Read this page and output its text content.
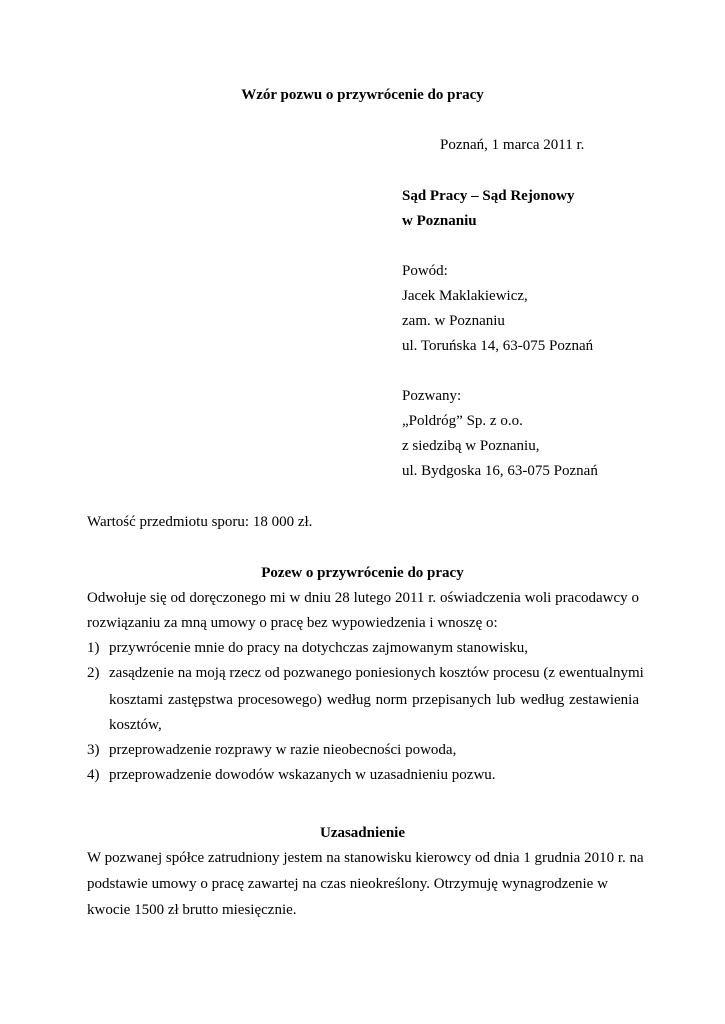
Wzór pozwu o przywrócenie do pracy
Poznań, 1 marca 2011 r.
Sąd Pracy – Sąd Rejonowy
w Poznaniu
Powód:
Jacek Maklakiewicz,
zam. w Poznaniu
ul. Toruńska 14, 63-075 Poznań
Pozwany:
„Poldróg” Sp. z o.o.
z siedzibą w Poznaniu,
ul. Bydgoska 16, 63-075 Poznań
Wartość przedmiotu sporu: 18 000 zł.
Pozew o przywrócenie do pracy
Odwołuje się od doręczonego mi w dniu 28 lutego 2011 r. oświadczenia woli pracodawcy o
rozwiązaniu za mną umowy o pracę bez wypowiedzenia i wnoszę o:
1) przywrócenie mnie do pracy na dotychczas zajmowanym stanowisku,
2) zasądzenie na moją rzecz od pozwanego poniesionych kosztów procesu (z ewentualnymi
kosztami zastępstwa procesowego) według norm przepisanych lub według zestawienia
kosztów,
3) przeprowadzenie rozprawy w razie nieobecności powoda,
4) przeprowadzenie dowodów wskazanych w uzasadnieniu pozwu.
Uzasadnienie
W pozwanej spółce zatrudniony jestem na stanowisku kierowcy od dnia 1 grudnia 2010 r. na
podstawie umowy o pracę zawartej na czas nieokreślony. Otrzymuję wynagrodzenie w
kwocie 1500 zł brutto miesięcznie.
